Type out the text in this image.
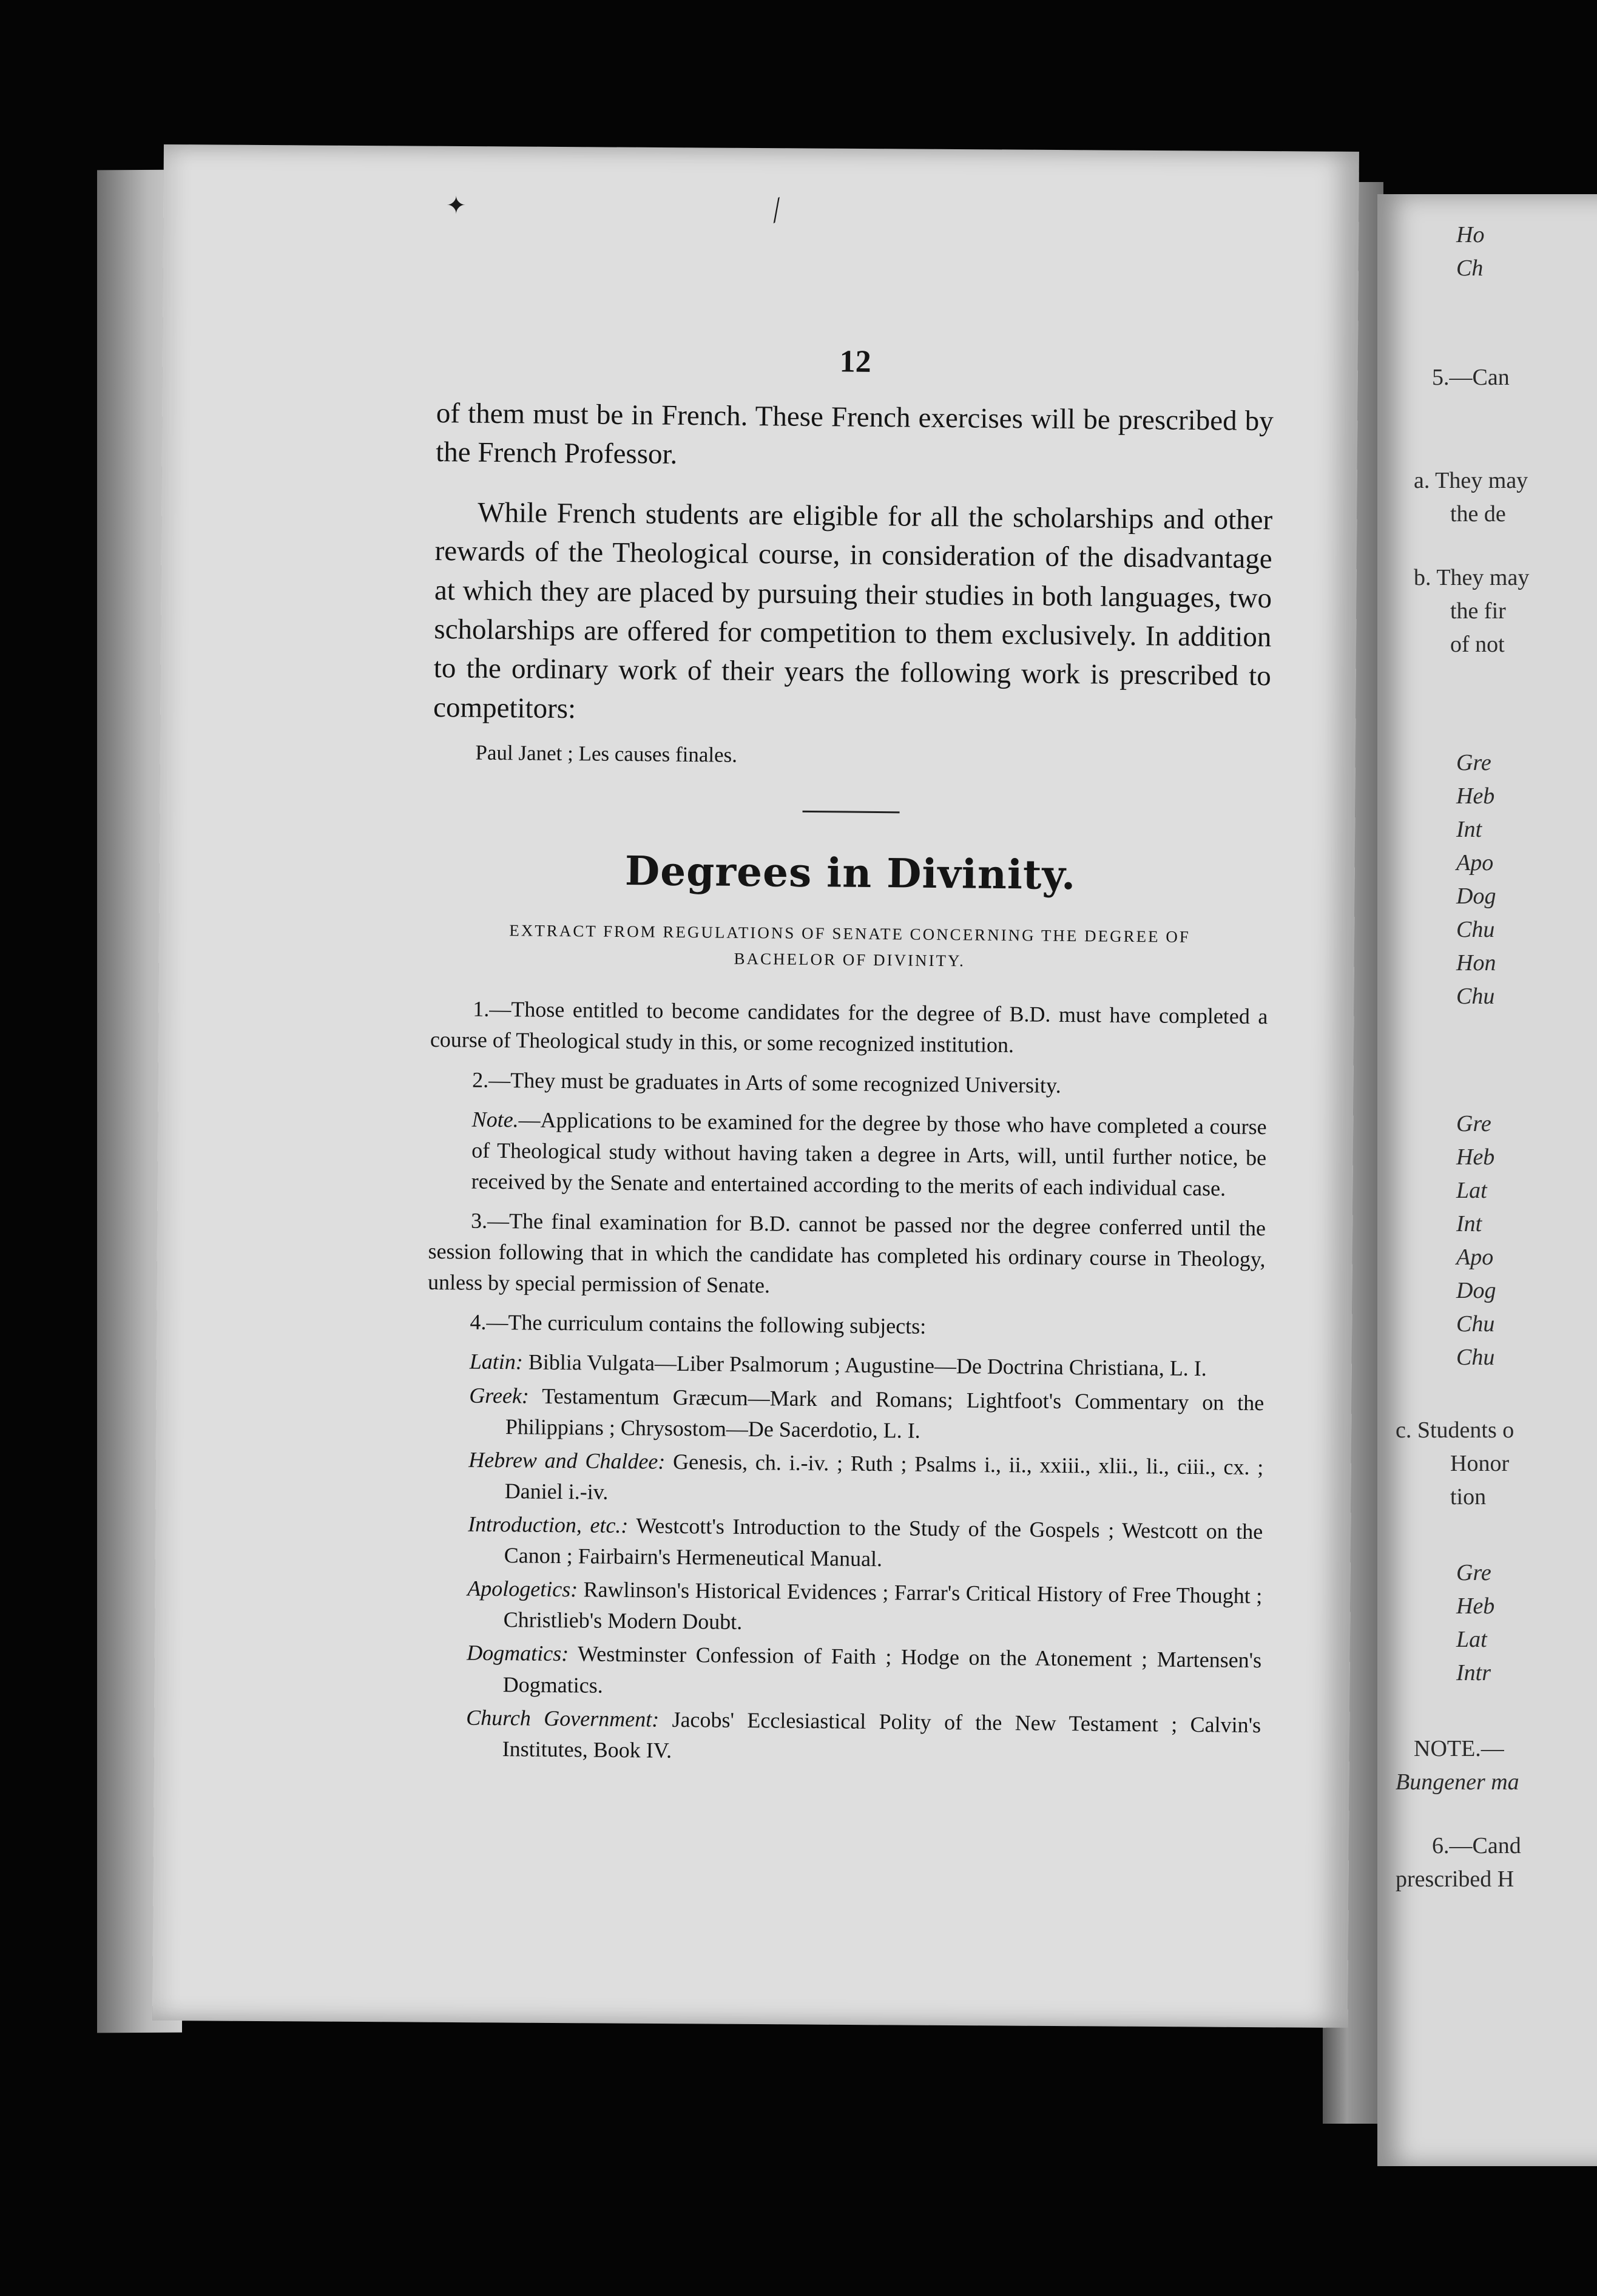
Ho
Ch
5.—Can
a. They may
the de
b. They may
the fir
of not
Gre
Heb
Int
Apo
Dog
Chu
Hon
Chu
Gre
Heb
Lat
Int
Apo
Dog
Chu
Chu
c. Students o
Honor
tion
Gre
Heb
Lat
Intr
NOTE.—
Bungener ma
6.—Cand
prescribed H
✦	⟋
12

of them must be in French. These French exercises will be prescribed by the French Professor.

While French students are eligible for all the scholarships and other rewards of the Theological course, in consideration of the disadvantage at which they are placed by pursuing their studies in both languages, two scholarships are offered for competition to them exclusively. In addition to the ordinary work of their years the following work is prescribed to competitors:

Paul Janet ; Les causes finales.

Degrees in Divinity.
EXTRACT FROM REGULATIONS OF SENATE CONCERNING THE DEGREE OF BACHELOR OF DIVINITY.

1.—Those entitled to become candidates for the degree of B.D. must have completed a course of Theological study in this, or some recognized institution.

2.—They must be graduates in Arts of some recognized University.

Note.—Applications to be examined for the degree by those who have completed a course of Theological study without having taken a degree in Arts, will, until further notice, be received by the Senate and entertained according to the merits of each individual case.

3.—The final examination for B.D. cannot be passed nor the degree conferred until the session following that in which the candidate has completed his ordinary course in Theology, unless by special permission of Senate.

4.—The curriculum contains the following subjects:

Latin: Biblia Vulgata—Liber Psalmorum ; Augustine—De Doctrina Christiana, L. I.

Greek: Testamentum Græcum—Mark and Romans; Lightfoot's Commentary on the Philippians ; Chrysostom—De Sacerdotio, L. I.

Hebrew and Chaldee: Genesis, ch. i.-iv. ; Ruth ; Psalms i., ii., xxiii., xlii., li., ciii., cx. ; Daniel i.-iv.

Introduction, etc.: Westcott's Introduction to the Study of the Gospels ; Westcott on the Canon ; Fairbairn's Hermeneutical Manual.

Apologetics: Rawlinson's Historical Evidences ; Farrar's Critical History of Free Thought ; Christlieb's Modern Doubt.

Dogmatics: Westminster Confession of Faith ; Hodge on the Atonement ; Martensen's Dogmatics.

Church Government: Jacobs' Ecclesiastical Polity of the New Testament ; Calvin's Institutes, Book IV.
